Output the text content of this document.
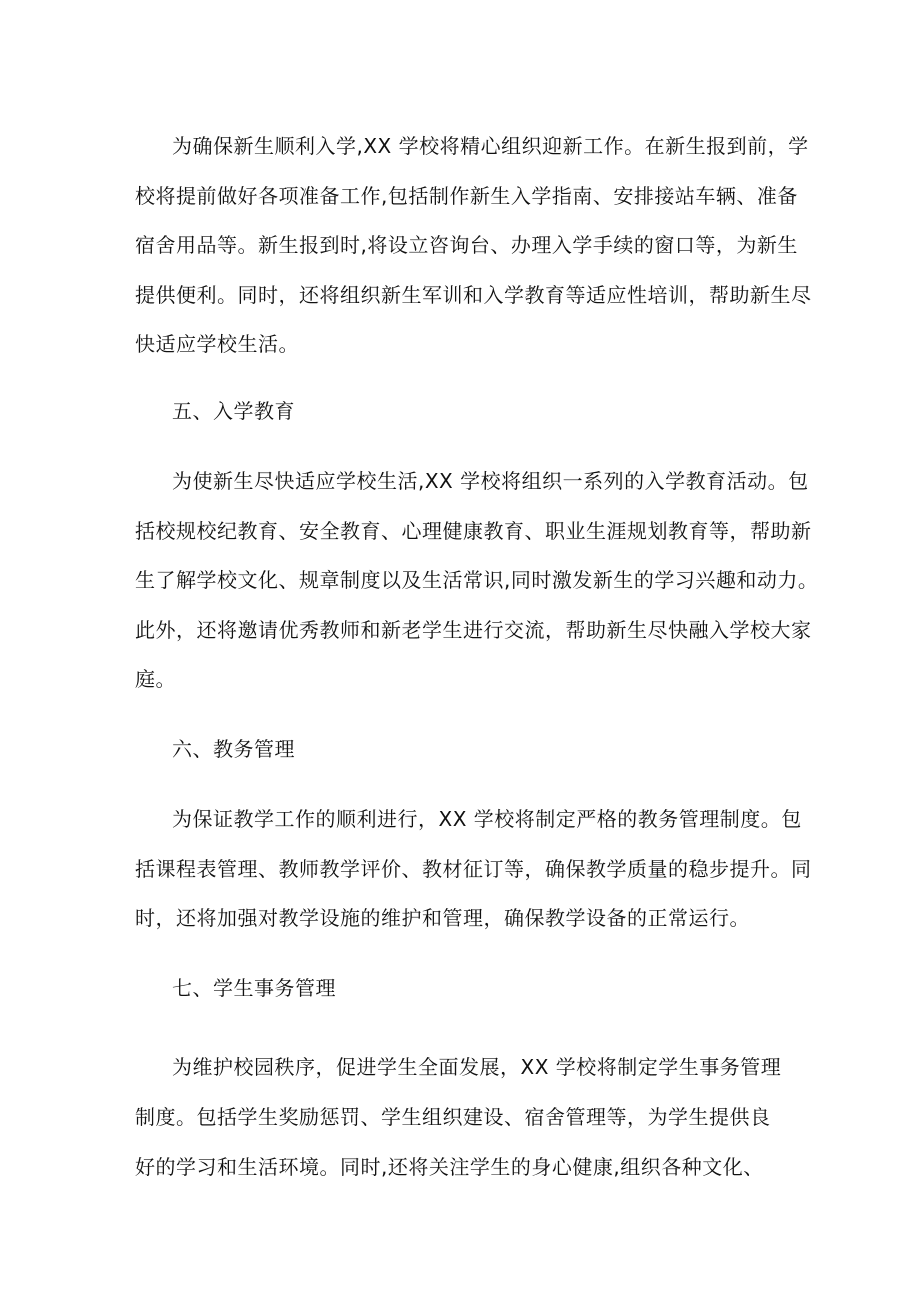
为确保新生顺利入学,XX 学校将精心组织迎新工作。在新生报到前，学
校将提前做好各项准备工作,包括制作新生入学指南、安排接站车辆、准备
宿舍用品等。新生报到时,将设立咨询台、办理入学手续的窗口等，为新生
提供便利。同时，还将组织新生军训和入学教育等适应性培训，帮助新生尽
快适应学校生活。
五、入学教育
为使新生尽快适应学校生活,XX 学校将组织一系列的入学教育活动。包
括校规校纪教育、安全教育、心理健康教育、职业生涯规划教育等，帮助新
生了解学校文化、规章制度以及生活常识,同时激发新生的学习兴趣和动力。
此外，还将邀请优秀教师和新老学生进行交流，帮助新生尽快融入学校大家
庭。
六、教务管理
为保证教学工作的顺利进行，XX 学校将制定严格的教务管理制度。包
括课程表管理、教师教学评价、教材征订等，确保教学质量的稳步提升。同
时，还将加强对教学设施的维护和管理，确保教学设备的正常运行。
七、学生事务管理
为维护校园秩序，促进学生全面发展，XX 学校将制定学生事务管理
制度。包括学生奖励惩罚、学生组织建设、宿舍管理等，为学生提供良
好的学习和生活环境。同时,还将关注学生的身心健康,组织各种文化、
